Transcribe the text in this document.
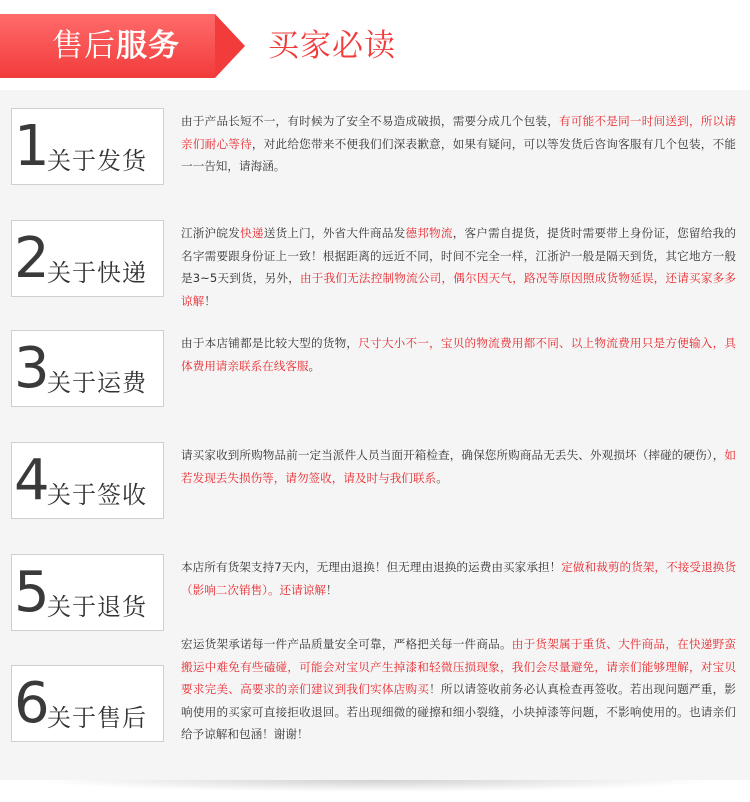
售后服务	买家必读
1
关于发货
由于产品长短不一，有时候为了安全不易造成破损，需要分成几个包装，有可能不是同一时间送到，所以请亲们耐心等待，对此给您带来不便我们们深表歉意，如果有疑问，可以等发货后咨询客服有几个包装，不能一一告知，请海涵。
2
关于快递
江浙沪皖发快递送货上门，外省大件商品发德邦物流，客户需自提货，提货时需要带上身份证，您留给我的名字需要跟身份证上一致！根据距离的远近不同，时间不完全一样，江浙沪一般是隔天到货，其它地方一般是3~5天到货，另外，由于我们无法控制物流公司，偶尔因天气，路况等原因照成货物延误，还请买家多多谅解！
3
关于运费
由于本店铺都是比较大型的货物，尺寸大小不一，宝贝的物流费用都不同、以上物流费用只是方便输入，具体费用请亲联系在线客服。
4
关于签收
请买家收到所购物品前一定当派件人员当面开箱检查，确保您所购商品无丢失、外观损坏（摔碰的硬伤），如若发现丢失损伤等，请勿签收，请及时与我们联系。
5
关于退货
本店所有货架支持7天内，无理由退换！但无理由退换的运费由买家承担！定做和裁剪的货架，不接受退换货（影响二次销售）。还请谅解！
6
关于售后
宏运货架承诺每一件产品质量安全可靠，严格把关每一件商品。由于货架属于重货、大件商品，在快递野蛮搬运中难免有些磕碰，可能会对宝贝产生掉漆和轻微压损现象，我们会尽量避免，请亲们能够理解，对宝贝要求完美、高要求的亲们建议到我们实体店购买！所以请签收前务必认真检查再签收。若出现问题严重，影响使用的买家可直接拒收退回。若出现细微的碰擦和细小裂缝，小块掉漆等问题，不影响使用的。也请亲们给予谅解和包涵！谢谢！
